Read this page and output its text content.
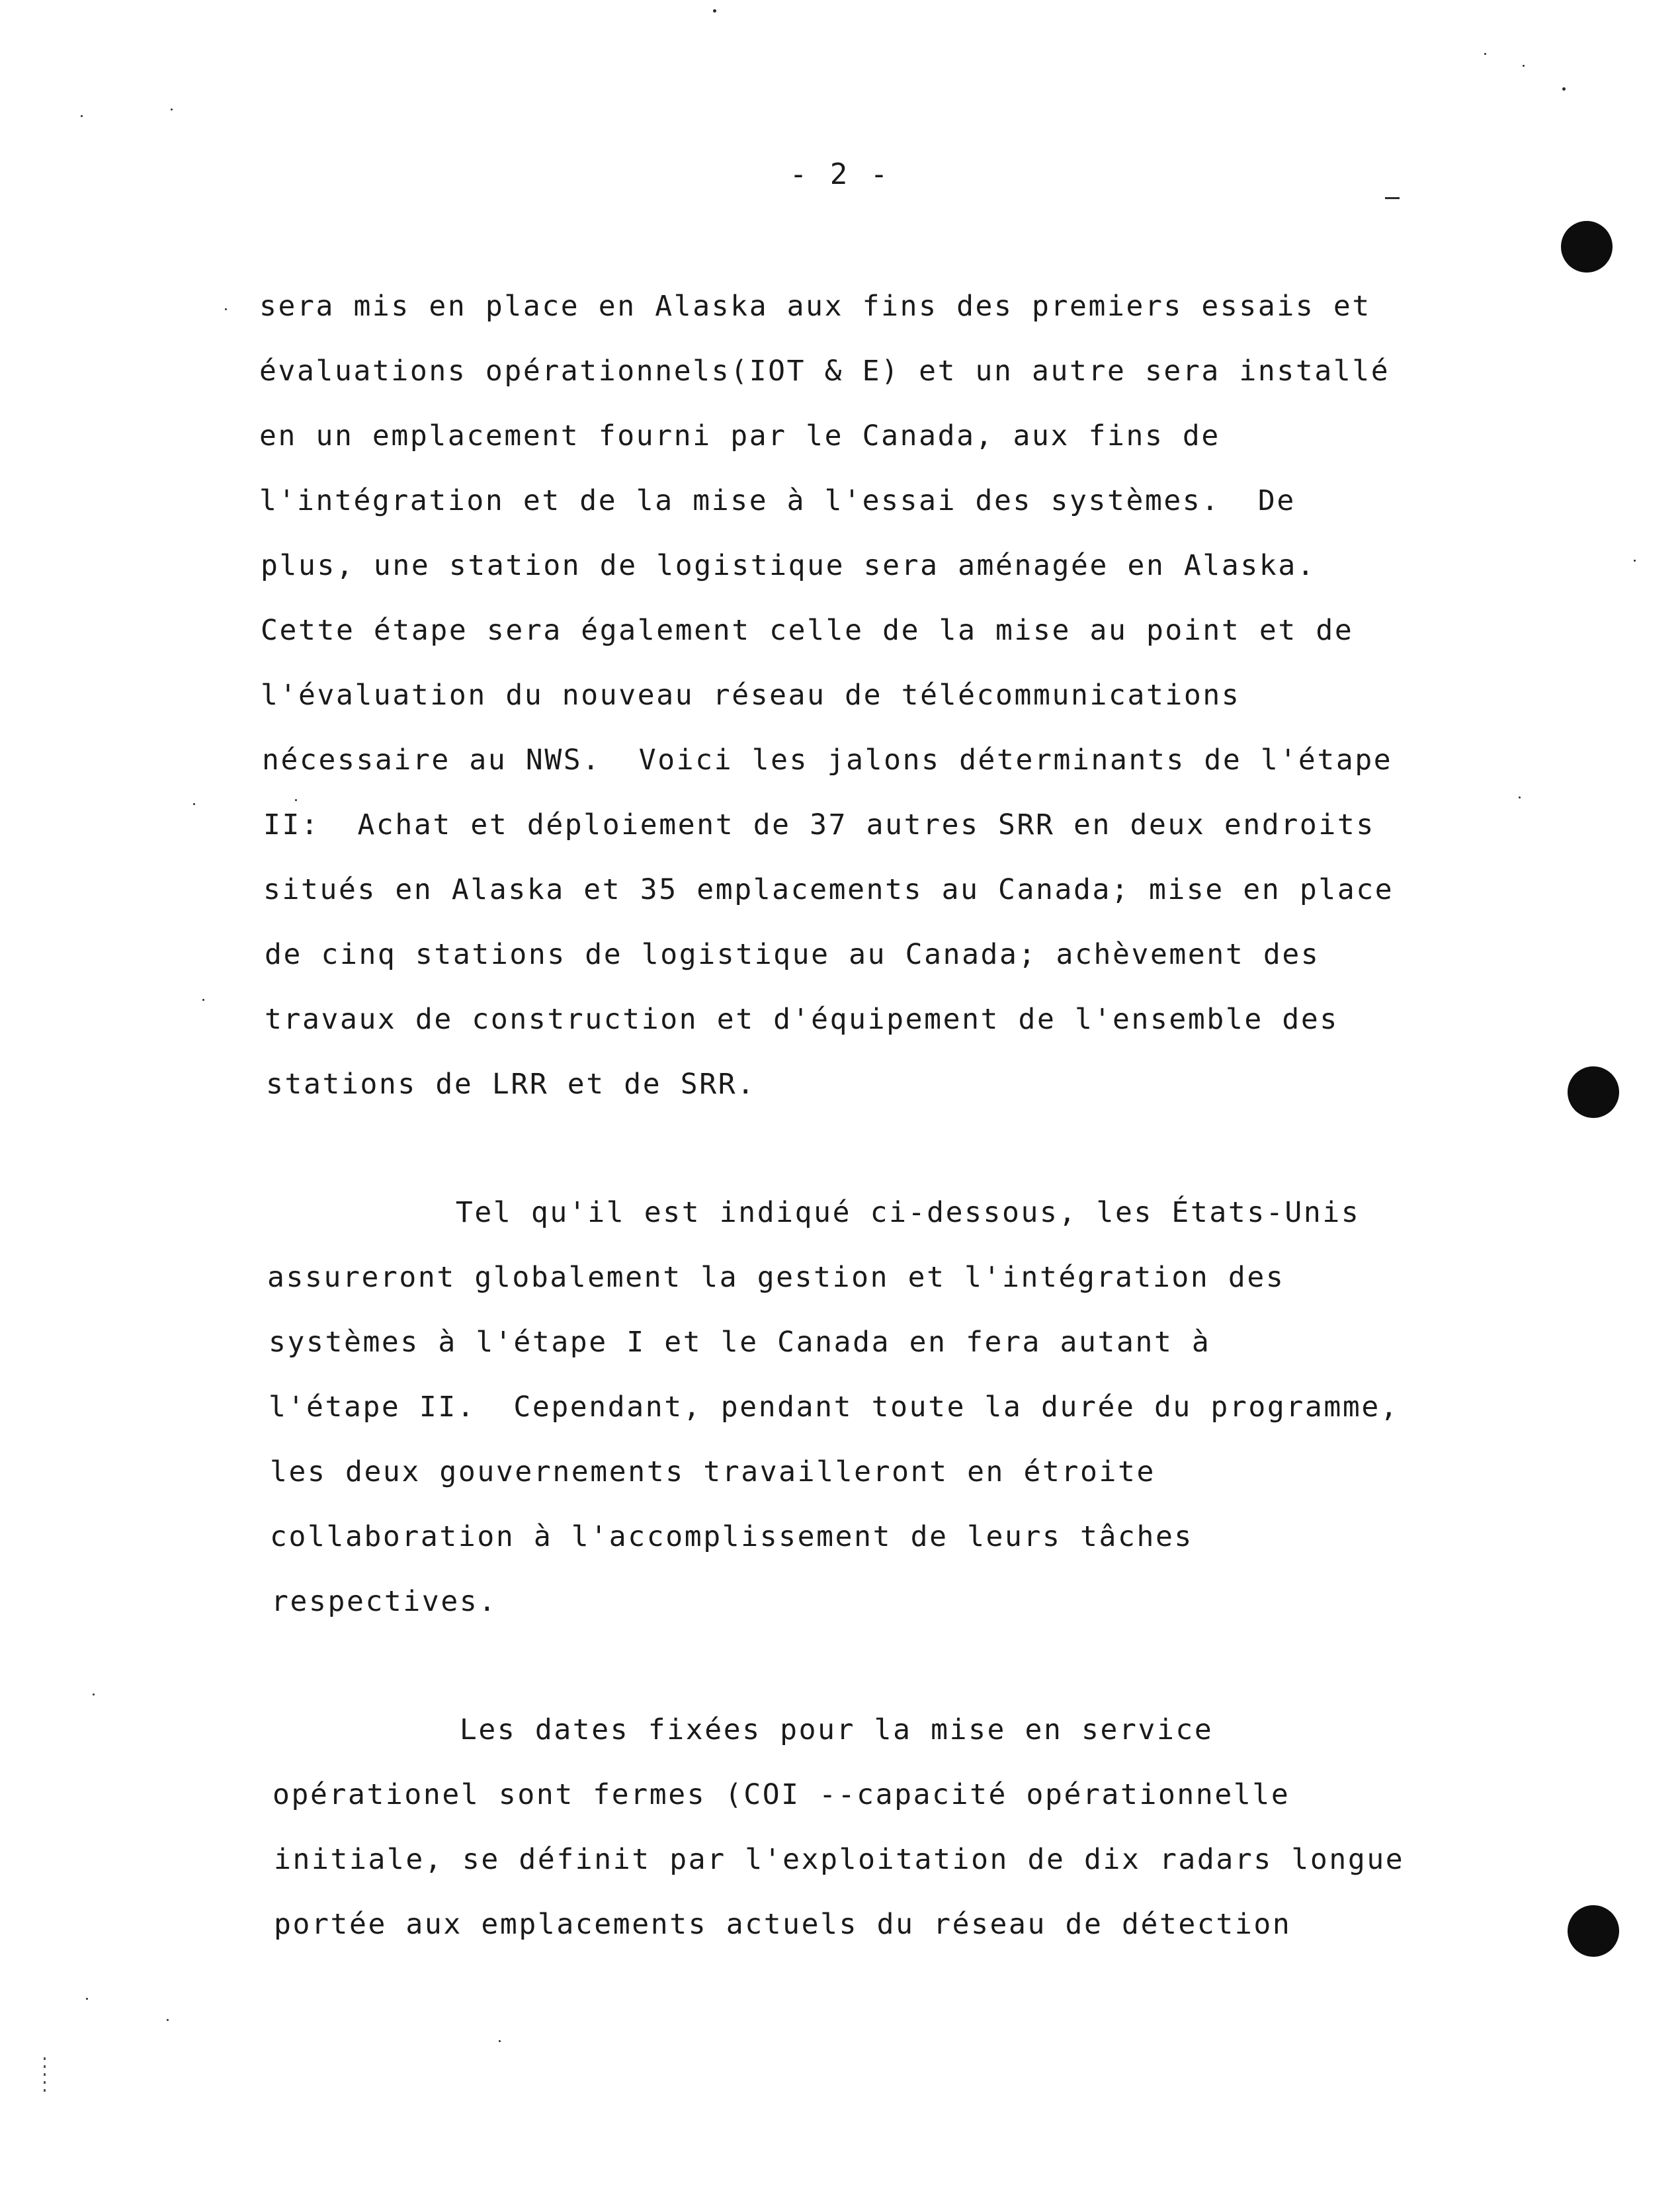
- 2 -
sera mis en place en Alaska aux fins des premiers essais et
évaluations opérationnels(IOT & E) et un autre sera installé
en un emplacement fourni par le Canada, aux fins de
l'intégration et de la mise à l'essai des systèmes.  De
plus, une station de logistique sera aménagée en Alaska.
Cette étape sera également celle de la mise au point et de
l'évaluation du nouveau réseau de télécommunications
nécessaire au NWS.  Voici les jalons déterminants de l'étape
II:  Achat et déploiement de 37 autres SRR en deux endroits
situés en Alaska et 35 emplacements au Canada; mise en place
de cinq stations de logistique au Canada; achèvement des
travaux de construction et d'équipement de l'ensemble des
stations de LRR et de SRR.
Tel qu'il est indiqué ci-dessous, les États-Unis
assureront globalement la gestion et l'intégration des
systèmes à l'étape I et le Canada en fera autant à
l'étape II.  Cependant, pendant toute la durée du programme,
les deux gouvernements travailleront en étroite
collaboration à l'accomplissement de leurs tâches
respectives.
Les dates fixées pour la mise en service
opérationel sont fermes (COI --capacité opérationnelle
initiale, se définit par l'exploitation de dix radars longue
portée aux emplacements actuels du réseau de détection
